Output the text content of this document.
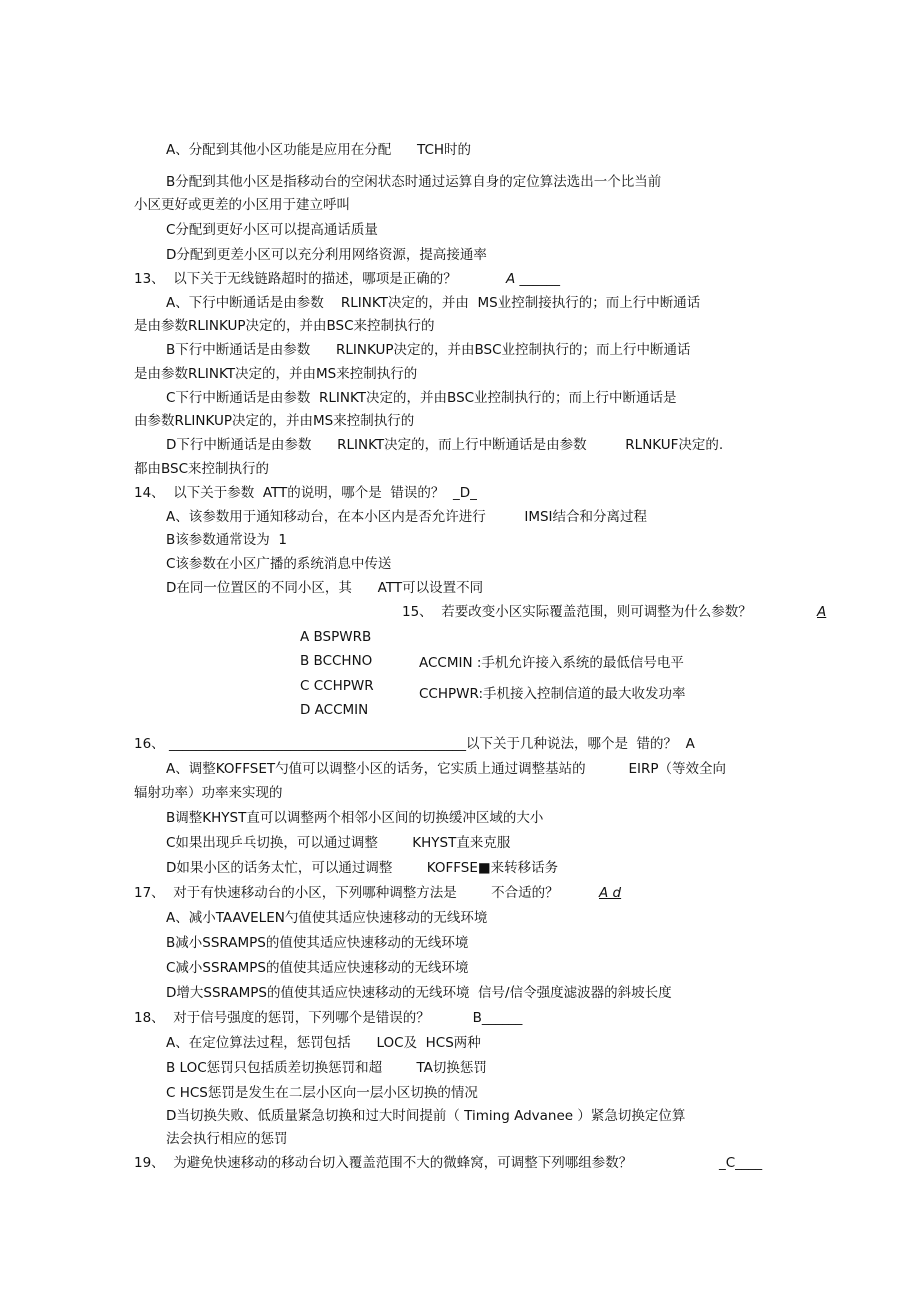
A、分配到其他小区功能是应用在分配      TCH时的
B分配到其他小区是指移动台的空闲状态时通过运算自身的定位算法选出一个比当前
小区更好或更差的小区用于建立呼叫
C分配到更好小区可以提高通话质量
D分配到更差小区可以充分利用网络资源，提高接通率
13、  以下关于无线链路超时的描述，哪项是正确的？	A ______
A、下行中断通话是由参数    RLINKT决定的，并由  MS业控制接执行的；而上行中断通话
是由参数RLINKUP决定的，并由BSC来控制执行的
B下行中断通话是由参数      RLINKUP决定的，并由BSC业控制执行的；而上行中断通话
是由参数RLINKT决定的，并由MS来控制执行的
C下行中断通话是由参数  RLINKT决定的，并由BSC业控制执行的；而上行中断通话是
由参数RLINKUP决定的，并由MS来控制执行的
D下行中断通话是由参数      RLINKT决定的，而上行中断通话是由参数         RLNKUF决定的.
都由BSC来控制执行的
14、  以下关于参数  ATT的说明，哪个是  错误的？  _D_
A、该参数用于通知移动台，在本小区内是否允许进行         IMSI结合和分离过程
B该参数通常设为  1
C该参数在小区广播的系统消息中传送
D在同一位置区的不同小区，其      ATT可以设置不同
15、  若要改变小区实际覆盖范围，则可调整为什么参数？	A
A BSPWRB
B BCCHNO	ACCMIN :手机允许接入系统的最低信号电平
C CCHPWR	CCHPWR:手机接入控制信道的最大收发功率
D ACCMIN
16、 ____________________________________________以下关于几种说法，哪个是  错的？  A
A、调整KOFFSET勺值可以调整小区的话务，它实质上通过调整基站的          EIRP（等效全向
辐射功率）功率来实现的
B调整KHYST直可以调整两个相邻小区间的切换缓冲区域的大小
C如果出现乒乓切换，可以通过调整        KHYST直来克服
D如果小区的话务太忙，可以通过调整        KOFFSE■来转移话务
17、  对于有快速移动台的小区，下列哪种调整方法是        不合适的？	A d
A、减小TAAVELEN勺值使其适应快速移动的无线环境
B减小SSRAMPS的值使其适应快速移动的无线环境
C减小SSRAMPS的值使其适应快速移动的无线环境
D增大SSRAMPS的值使其适应快速移动的无线环境  信号/信令强度滤波器的斜坡长度
18、  对于信号强度的惩罚，下列哪个是错误的？          B______
A、在定位算法过程，惩罚包括      LOC及  HCS两种
B LOC惩罚只包括质差切换惩罚和超        TA切换惩罚
C HCS惩罚是发生在二层小区向一层小区切换的情况
D当切换失败、低质量紧急切换和过大时间提前（ Timing Advanee ）紧急切换定位算
法会执行相应的惩罚
19、  为避免快速移动的移动台切入覆盖范围不大的微蜂窝，可调整下列哪组参数？	_C____
